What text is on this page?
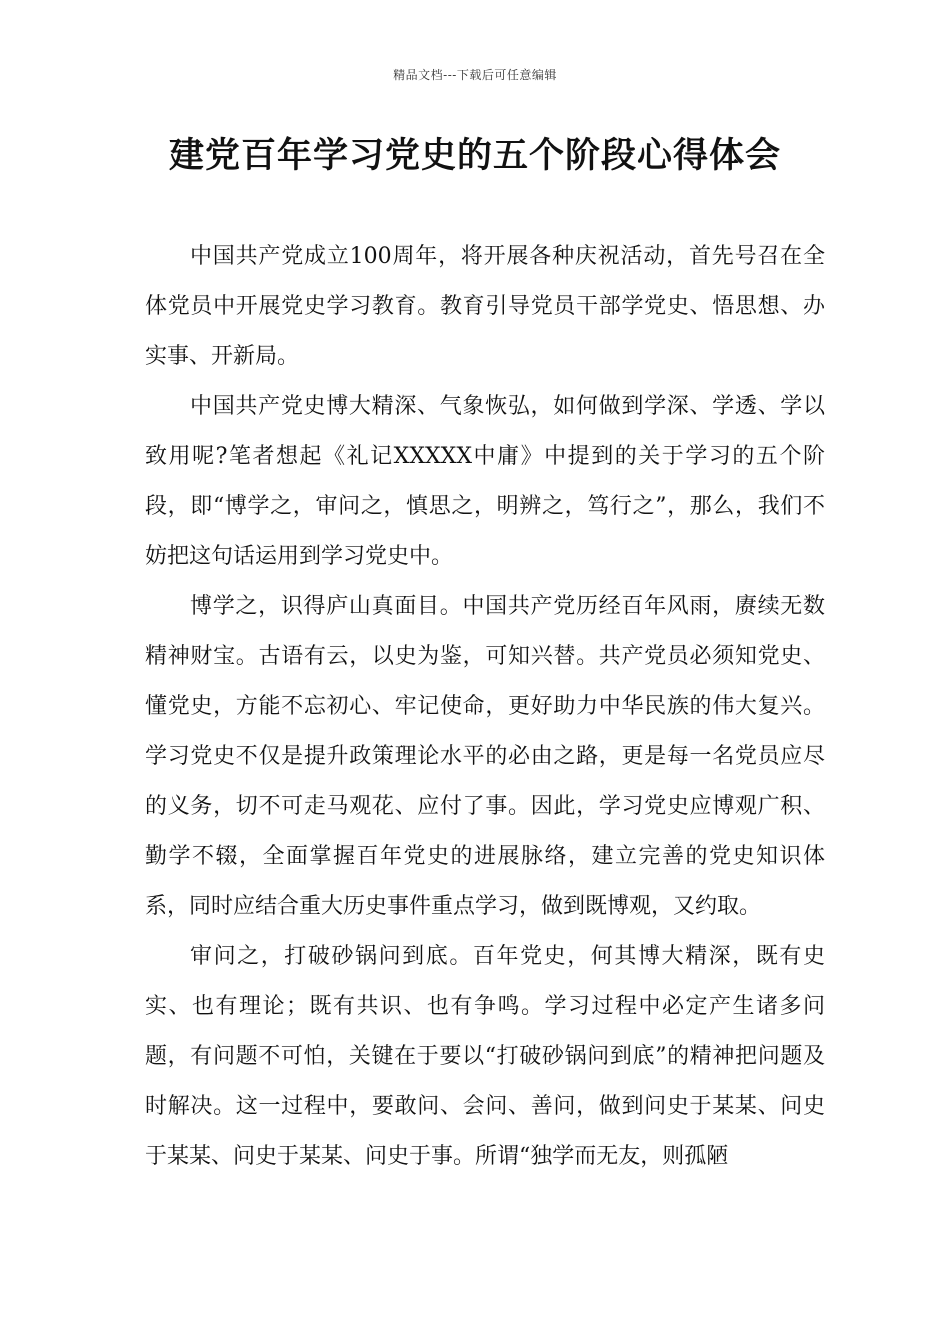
精品文档---下载后可任意编辑
建党百年学习党史的五个阶段心得体会

中国共产党成立100周年，将开展各种庆祝活动，首先号召在全体党员中开展党史学习教育。教育引导党员干部学党史、悟思想、办实事、开新局。

中国共产党史博大精深、气象恢弘，如何做到学深、学透、学以致用呢?笔者想起《礼记XXXXX中庸》中提到的关于学习的五个阶段，即“博学之，审问之，慎思之，明辨之，笃行之”，那么，我们不妨把这句话运用到学习党史中。

博学之，识得庐山真面目。中国共产党历经百年风雨，赓续无数精神财宝。古语有云，以史为鉴，可知兴替。共产党员必须知党史、懂党史，方能不忘初心、牢记使命，更好助力中华民族的伟大复兴。学习党史不仅是提升政策理论水平的必由之路，更是每一名党员应尽的义务，切不可走马观花、应付了事。因此，学习党史应博观广积、勤学不辍，全面掌握百年党史的进展脉络，建立完善的党史知识体系，同时应结合重大历史事件重点学习，做到既博观，又约取。

审问之，打破砂锅问到底。百年党史，何其博大精深，既有史实、也有理论；既有共识、也有争鸣。学习过程中必定产生诸多问题，有问题不可怕，关键在于要以“打破砂锅问到底”的精神把问题及时解决。这一过程中，要敢问、会问、善问，做到问史于某某、问史于某某、问史于某某、问史于事。所谓“独学而无友，则孤陋
